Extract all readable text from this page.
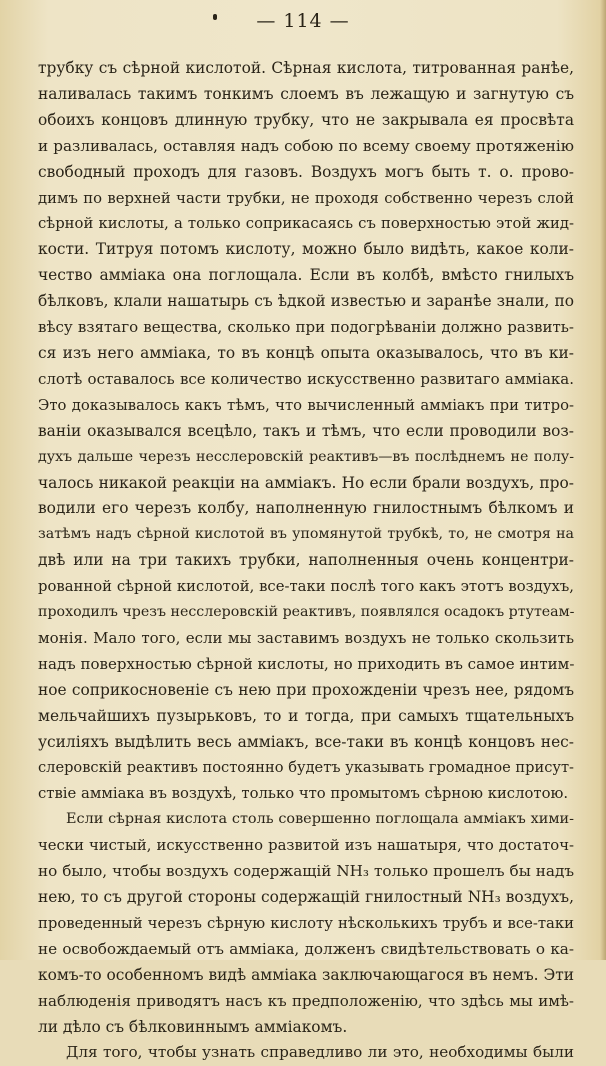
— 114 —
трубку съ сѣрной кислотой. Сѣрная кислота, титрованная ранѣе,
наливалась такимъ тонкимъ слоемъ въ лежащую и загнутую съ
обоихъ концовъ длинную трубку, что не закрывала ея просвѣта
и разливалась, оставляя надъ собою по всему своему протяженію
свободный проходъ для газовъ. Воздухъ могъ быть т. о. прово-
димъ по верхней части трубки, не проходя собственно черезъ слой
сѣрной кислоты, а только соприкасаясь съ поверхностью этой жид-
кости. Титруя потомъ кислоту, можно было видѣть, какое коли-
чество аммiака она поглощала. Если въ колбѣ, вмѣсто гнилыхъ
бѣлковъ, клали нашатырь съ ѣдкой известью и заранѣе знали, по
вѣсу взятаго вещества, сколько при подогрѣванiи должно развить-
ся изъ него аммiака, то въ концѣ опыта оказывалось, что въ ки-
слотѣ оставалось все количество искусственно развитаго аммiака.
Это доказывалось какъ тѣмъ, что вычисленный аммiакъ при титро-
ванiи оказывался всецѣло, такъ и тѣмъ, что если проводили воз-
духъ дальше черезъ несслеровскiй реактивъ—въ послѣднемъ не полу-
чалось никакой реакцiи на аммiакъ. Но если брали воздухъ, про-
водили его черезъ колбу, наполненную гнилостнымъ бѣлкомъ и
затѣмъ надъ сѣрной кислотой въ упомянутой трубкѣ, то, не смотря на
двѣ или на три такихъ трубки, наполненныя очень концентри-
рованной сѣрной кислотой, все-таки послѣ того какъ этотъ воздухъ,
проходилъ чрезъ несслеровскiй реактивъ, появлялся осадокъ ртутеам-
монiя. Мало того, если мы заставимъ воздухъ не только скользить
надъ поверхностью сѣрной кислоты, но приходить въ самое интим-
ное соприкосновенiе съ нею при прохожденiи чрезъ нее, рядомъ
мельчайшихъ пузырьковъ, то и тогда, при самыхъ тщательныхъ
усилiяхъ выдѣлить весь аммiакъ, все-таки въ концѣ концовъ нес-
слеровскiй реактивъ постоянно будетъ указывать громадное присут-
ствiе аммiака въ воздухѣ, только что промытомъ сѣрною кислотою.
Если сѣрная кислота столь совершенно поглощала аммiакъ хими-
чески чистый, искусственно развитой изъ нашатыря, что достаточ-
но было, чтобы воздухъ содержащiй NH₃ только прошелъ бы надъ
нею, то съ другой стороны содержащiй гнилостный NH₃ воздухъ,
проведенный черезъ сѣрную кислоту нѣсколькихъ трубъ и все-таки
не освобождаемый отъ аммiака, долженъ свидѣтельствовать о ка-
комъ-то особенномъ видѣ аммiака заключающагося въ немъ. Эти
наблюденiя приводятъ насъ къ предположенiю, что здѣсь мы имѣ-
ли дѣло съ бѣлковиннымъ аммiакомъ.
Для того, чтобы узнать справедливо ли это, необходимы были
